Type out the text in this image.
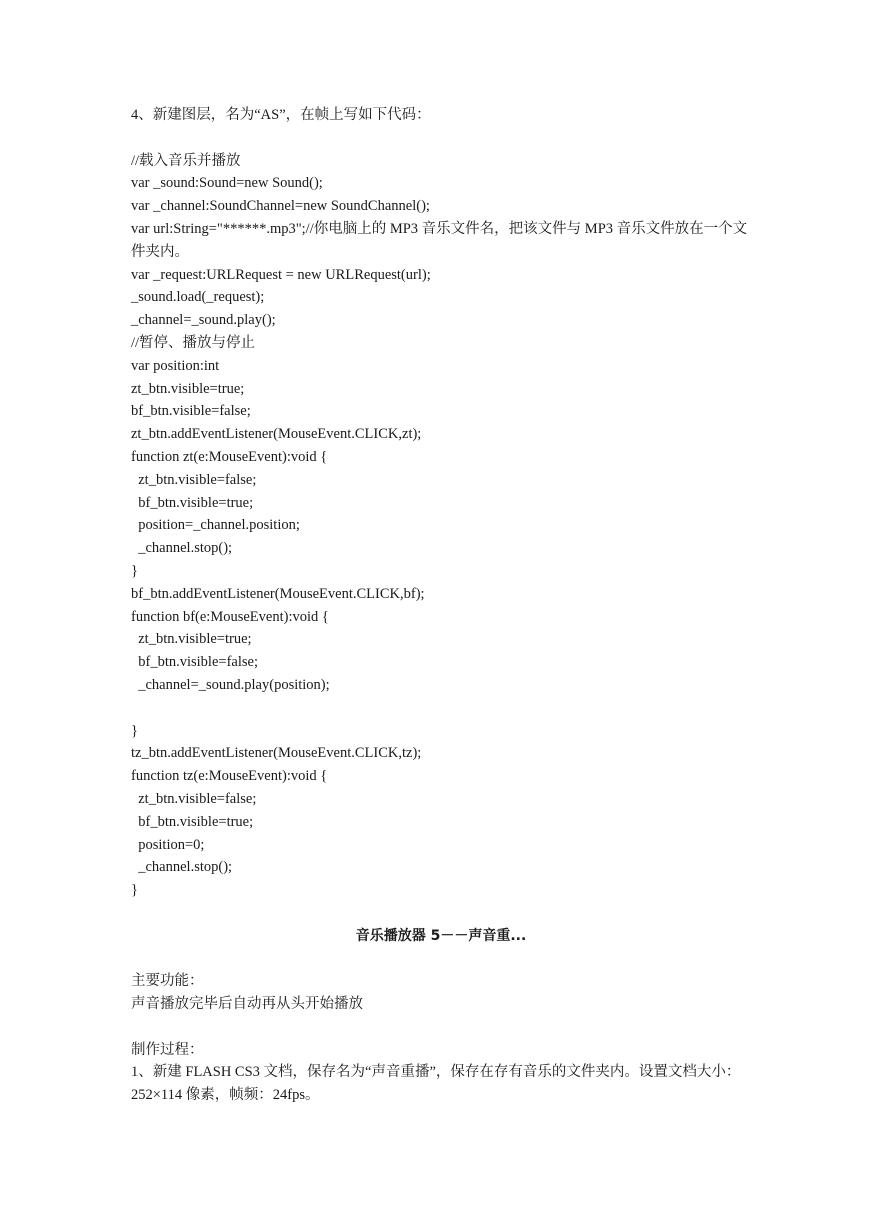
4、新建图层，名为“AS”，在帧上写如下代码：
//载入音乐并播放
var _sound:Sound=new Sound();
var _channel:SoundChannel=new SoundChannel();
var url:String="******.mp3";//你电脑上的 MP3 音乐文件名，把该文件与 MP3 音乐文件放在一个文件夹内。
var _request:URLRequest = new URLRequest(url);
_sound.load(_request);
_channel=_sound.play();
//暂停、播放与停止
var position:int
zt_btn.visible=true;
bf_btn.visible=false;
zt_btn.addEventListener(MouseEvent.CLICK,zt);
function zt(e:MouseEvent):void {
zt_btn.visible=false;
bf_btn.visible=true;
position=_channel.position;
_channel.stop();
}
bf_btn.addEventListener(MouseEvent.CLICK,bf);
function bf(e:MouseEvent):void {
zt_btn.visible=true;
bf_btn.visible=false;
_channel=_sound.play(position);
}
tz_btn.addEventListener(MouseEvent.CLICK,tz);
function tz(e:MouseEvent):void {
zt_btn.visible=false;
bf_btn.visible=true;
position=0;
_channel.stop();
}
音乐播放器 5－－声音重...
主要功能：
声音播放完毕后自动再从头开始播放
制作过程：
1、新建 FLASH CS3 文档，保存名为“声音重播”，保存在存有音乐的文件夹内。设置文档大小：252×114 像素，帧频：24fps。
